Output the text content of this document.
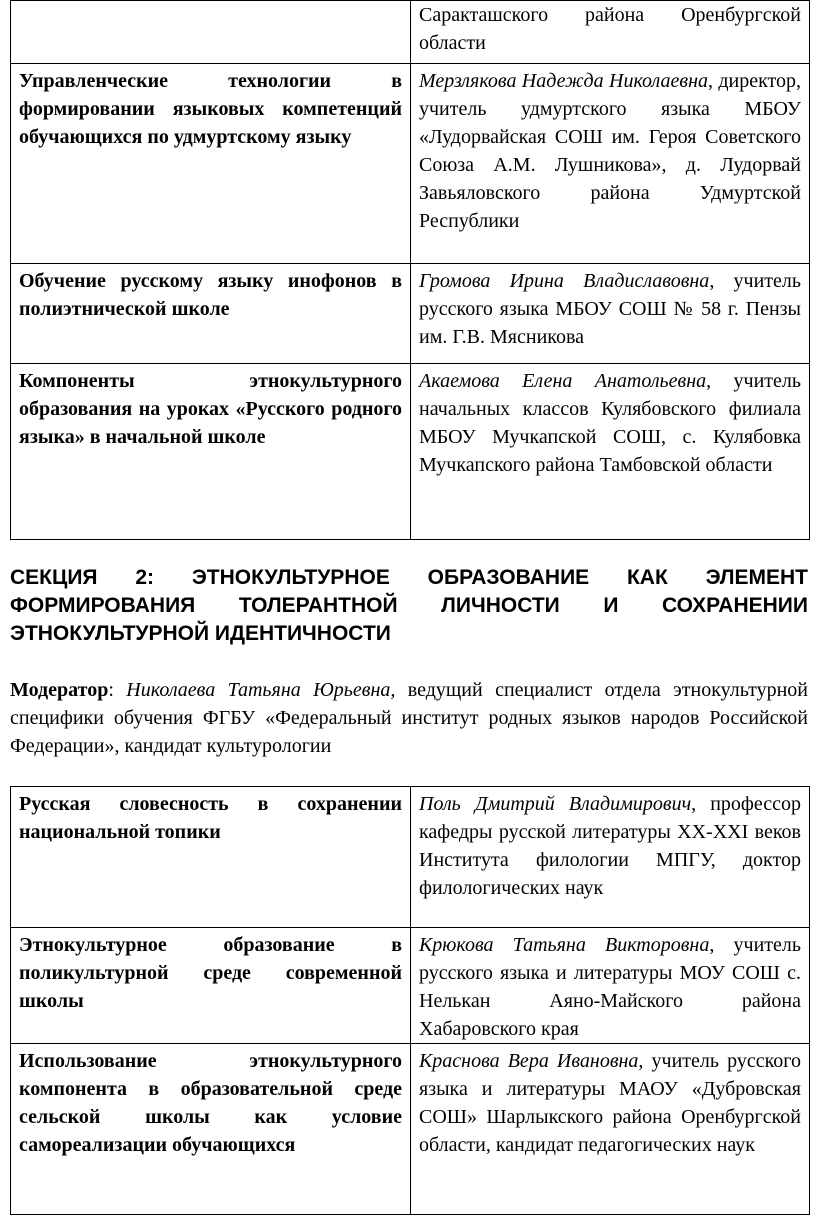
	Саракташского района Оренбургской области
Управленческие технологии в формировании языковых компетенций обучающихся по удмуртскому языку	Мерзлякова Надежда Николаевна, директор, учитель удмуртского языка МБОУ «Лудорвайская СОШ им. Героя Советского Союза А.М. Лушникова», д. Лудорвай Завьяловского района Удмуртской Республики
Обучение русскому языку инофонов в полиэтнической школе	Громова Ирина Владиславовна, учитель русского языка МБОУ СОШ № 58 г. Пензы им. Г.В. Мясникова
Компоненты этнокультурного образования на уроках «Русского родного языка» в начальной школе	Акаемова Елена Анатольевна, учитель начальных классов Кулябовского филиала МБОУ Мучкапской СОШ, с. Кулябовка Мучкапского района Тамбовской области
СЕКЦИЯ 2: ЭТНОКУЛЬТУРНОЕ ОБРАЗОВАНИЕ КАК ЭЛЕМЕНТ ФОРМИРОВАНИЯ ТОЛЕРАНТНОЙ ЛИЧНОСТИ И СОХРАНЕНИИ ЭТНОКУЛЬТУРНОЙ ИДЕНТИЧНОСТИ

Модератор: Николаева Татьяна Юрьевна, ведущий специалист отдела этнокультурной специфики обучения ФГБУ «Федеральный институт родных языков народов Российской Федерации», кандидат культурологии

Русская словесность в сохранении национальной топики	Поль Дмитрий Владимирович, профессор кафедры русской литературы XX-XXI веков Института филологии МПГУ, доктор филологических наук
Этнокультурное образование в поликультурной среде современной школы	Крюкова Татьяна Викторовна, учитель русского языка и литературы МОУ СОШ с. Нелькан Аяно-Майского района Хабаровского края
Использование этнокультурного компонента в образовательной среде сельской школы как условие самореализации обучающихся	Краснова Вера Ивановна, учитель русского языка и литературы МАОУ «Дубровская СОШ» Шарлыкского района Оренбургской области, кандидат педагогических наук
